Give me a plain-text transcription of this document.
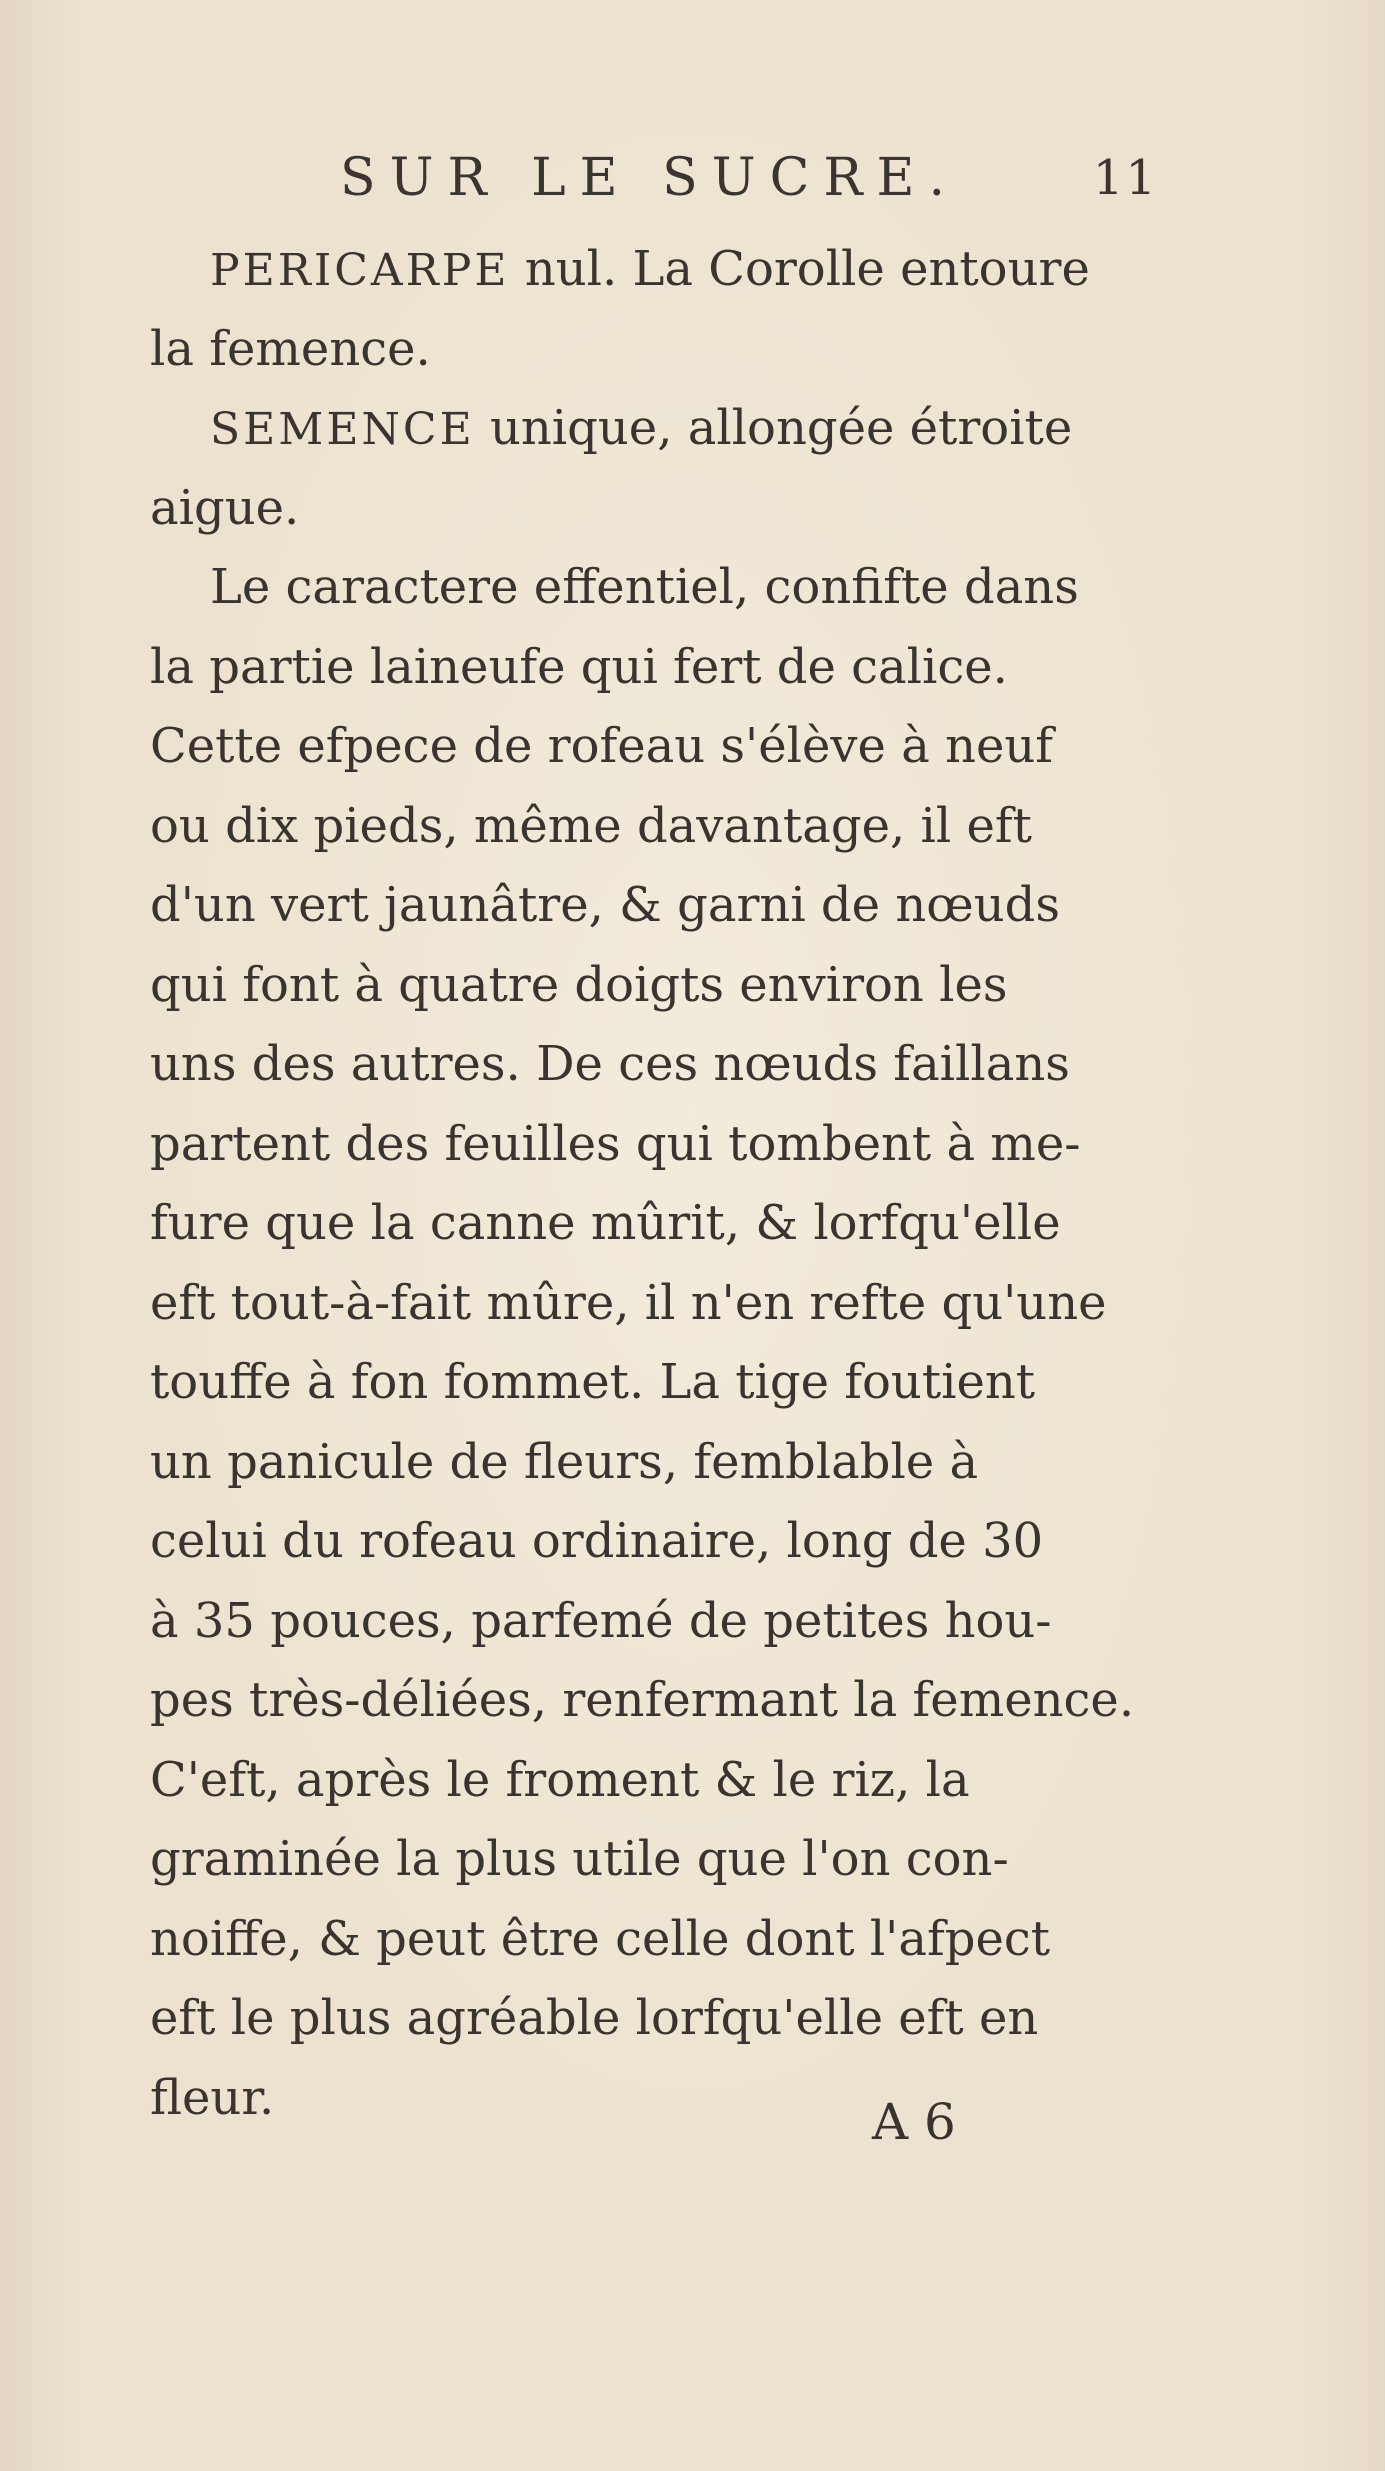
SUR LE SUCRE.	11
PERICARPE nul. La Corolle entoure
la femence.
SEMENCE unique, allongée étroite
aigue.
Le caractere effentiel, confifte dans
la partie laineufe qui fert de calice.
Cette efpece de rofeau s'élève à neuf
ou dix pieds, même davantage, il eft
d'un vert jaunâtre, & garni de nœuds
qui font à quatre doigts environ les
uns des autres. De ces nœuds faillans
partent des feuilles qui tombent à me-
fure que la canne mûrit, & lorfqu'elle
eft tout-à-fait mûre, il n'en refte qu'une
touffe à fon fommet. La tige foutient
un panicule de fleurs, femblable à
celui du rofeau ordinaire, long de 30
à 35 pouces, parfemé de petites hou-
pes très-déliées, renfermant la femence.
C'eft, après le froment & le riz, la
graminée la plus utile que l'on con-
noiffe, & peut être celle dont l'afpect
eft le plus agréable lorfqu'elle eft en
fleur.	A 6
